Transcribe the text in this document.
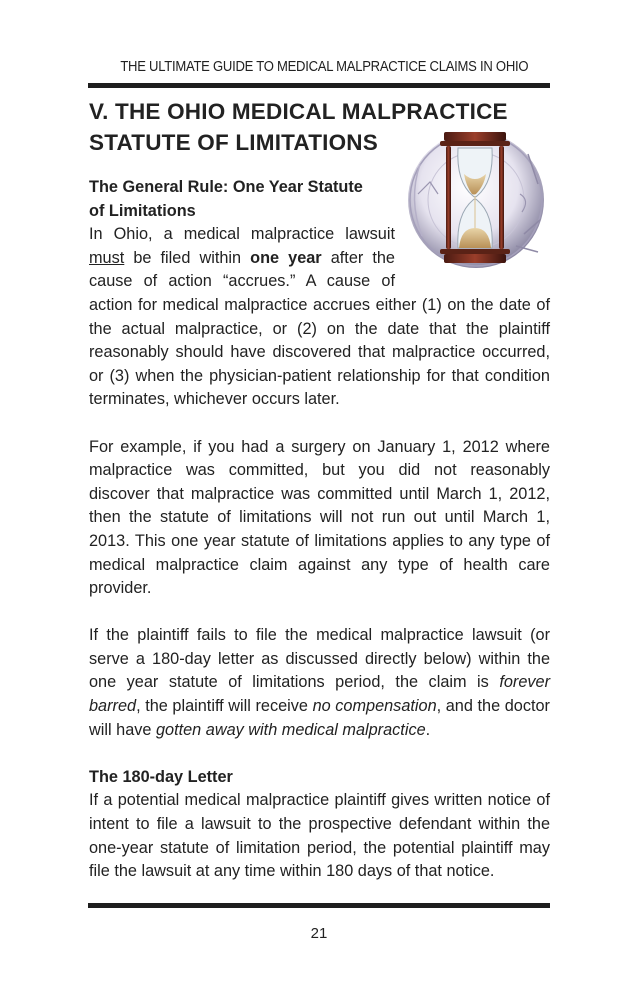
THE ULTIMATE GUIDE TO MEDICAL MALPRACTICE CLAIMS IN OHIO
V. THE OHIO MEDICAL MALPRACTICE
STATUTE OF LIMITATIONS

The General Rule: One Year Statute
of Limitations

In Ohio, a medical malpractice lawsuit
must be filed within one year after the
cause of action “accrues.” A cause of

action for medical malpractice accrues either (1) on the date of the actual malpractice, or (2) on the date that the plaintiff reasonably should have discovered that malpractice occurred, or (3) when the physician-patient relationship for that condition terminates, whichever occurs later.

For example, if you had a surgery on January 1, 2012 where malpractice was committed, but you did not reasonably discover that malpractice was committed until March 1, 2012, then the statute of limitations will not run out until March 1, 2013. This one year statute of limitations applies to any type of medical malpractice claim against any type of health care provider.

If the plaintiff fails to file the medical malpractice lawsuit (or serve a 180-day letter as discussed directly below) within the one year statute of limitations period, the claim is forever barred, the plaintiff will receive no compensation, and the doctor will have gotten away with medical malpractice.

The 180-day Letter

If a potential medical malpractice plaintiff gives written notice of intent to file a lawsuit to the prospective defendant within the one-year statute of limitation period, the potential plaintiff may file the lawsuit at any time within 180 days of that notice.

21
